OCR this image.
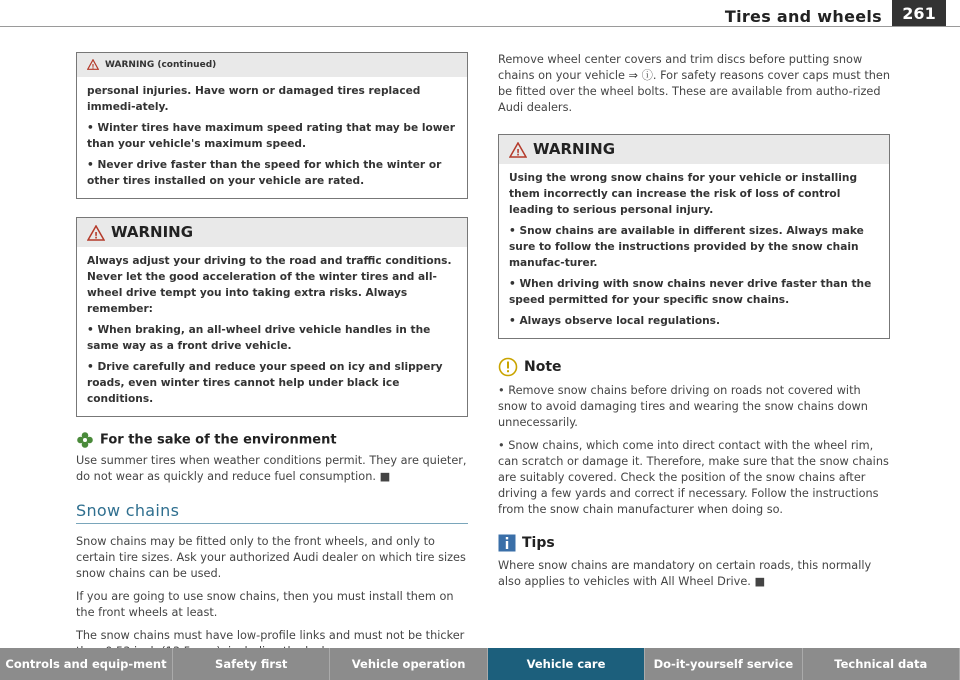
Tires and wheels	261
! WARNING (continued)

personal injuries. Have worn or damaged tires replaced immedi-ately.

• Winter tires have maximum speed rating that may be lower than your vehicle's maximum speed.

• Never drive faster than the speed for which the winter or other tires installed on your vehicle are rated.

! WARNING

Always adjust your driving to the road and traffic conditions. Never let the good acceleration of the winter tires and all-wheel drive tempt you into taking extra risks. Always remember:

• When braking, an all-wheel drive vehicle handles in the same way as a front drive vehicle.

• Drive carefully and reduce your speed on icy and slippery roads, even winter tires cannot help under black ice conditions.

For the sake of the environment

Use summer tires when weather conditions permit. They are quieter, do not wear as quickly and reduce fuel consumption. ■

Snow chains

Snow chains may be fitted only to the front wheels, and only to certain tire sizes. Ask your authorized Audi dealer on which tire sizes snow chains can be used.

If you are going to use snow chains, then you must install them on the front wheels at least.

The snow chains must have low-profile links and must not be thicker

Remove wheel center covers and trim discs before putting snow chains on your vehicle ⇒ ⓘ. For safety reasons cover caps must then be fitted over the wheel bolts. These are available from autho-rized Audi dealers.

! WARNING

Using the wrong snow chains for your vehicle or installing them incorrectly can increase the risk of loss of control leading to serious personal injury.

• Snow chains are available in different sizes. Always make sure to follow the instructions provided by the snow chain manufac-turer.

• When driving with snow chains never drive faster than the speed permitted for your specific snow chains.

• Always observe local regulations.

Note

• Remove snow chains before driving on roads not covered with snow to avoid damaging tires and wearing the snow chains down unnecessarily.

• Snow chains, which come into direct contact with the wheel rim, can scratch or damage it. Therefore, make sure that the snow chains are suitably covered. Check the position of the snow chains after driving a few yards and correct if necessary. Follow the instructions from the snow chain manufacturer when doing so.

Tips

Where snow chains are mandatory on certain roads, this normally also applies to vehicles with All Wheel Drive. ■

Controls and equip-ment	Safety first	Vehicle operation	Vehicle care	Do-it-yourself service	Technical data
